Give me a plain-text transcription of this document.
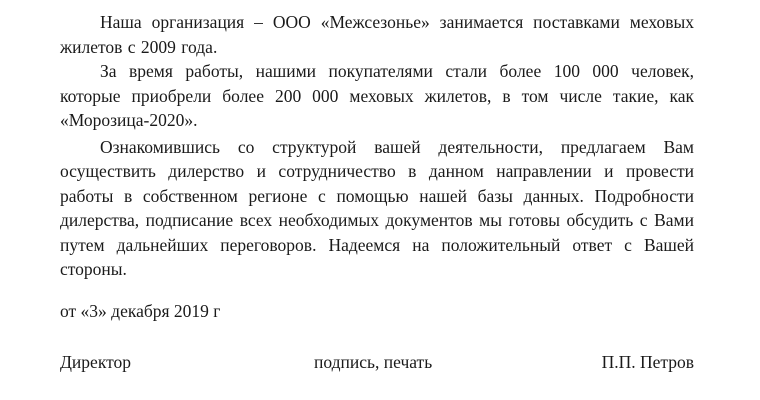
Наша организация – ООО «Межсезонье» занимается поставками меховых жилетов с 2009 года.

За время работы, нашими покупателями стали более 100 000 человек, которые приобрели более 200 000 меховых жилетов, в том числе такие, как «Морозица-2020».

Ознакомившись со структурой вашей деятельности, предлагаем Вам осуществить дилерство и сотрудничество в данном направлении и провести работы в собственном регионе с помощью нашей базы данных. Подробности дилерства, подписание всех необходимых документов мы готовы обсудить с Вами путем дальнейших переговоров. Надеемся на положительный ответ с Вашей стороны.

от «3» декабря 2019 г

Директор	подпись, печать	П.П. Петров
